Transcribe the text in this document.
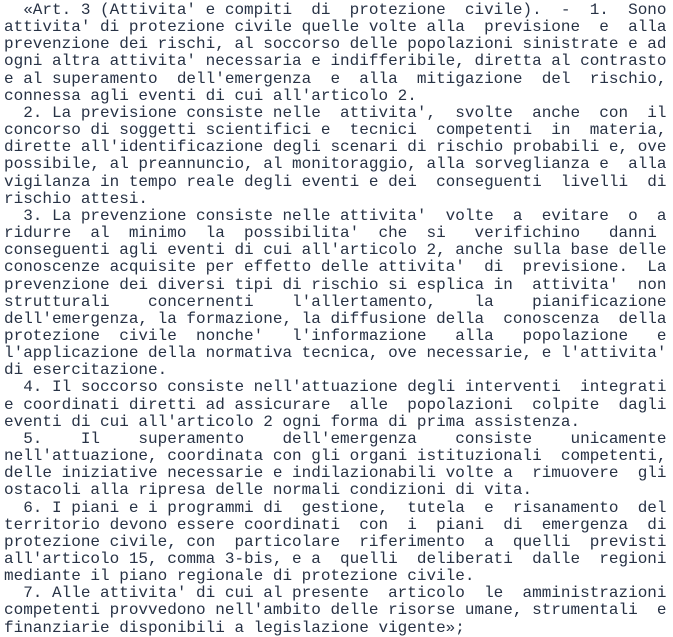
«Art. 3 (Attivita' e compiti  di  protezione  civile).  -  1.  Sono
attivita' di protezione civile quelle volte alla  previsione  e  alla
prevenzione dei rischi, al soccorso delle popolazioni sinistrate e ad
ogni altra attivita' necessaria e indifferibile, diretta al contrasto
e al superamento  dell'emergenza  e  alla  mitigazione  del  rischio,
connessa agli eventi di cui all'articolo 2.
2. La previsione consiste nelle  attivita',  svolte  anche  con  il
concorso di soggetti scientifici e  tecnici  competenti  in  materia,
dirette all'identificazione degli scenari di rischio probabili e, ove
possibile, al preannuncio, al monitoraggio, alla sorveglianza e  alla
vigilanza in tempo reale degli eventi e dei  conseguenti  livelli  di
rischio attesi.
3. La prevenzione consiste nelle attivita'  volte  a  evitare  o  a
ridurre  al  minimo  la  possibilita'  che  si   verifichino   danni
conseguenti agli eventi di cui all'articolo 2, anche sulla base delle
conoscenze acquisite per effetto delle attivita'  di  previsione.  La
prevenzione dei diversi tipi di rischio si esplica in  attivita'  non
strutturali    concernenti    l'allertamento,    la    pianificazione
dell'emergenza, la formazione, la diffusione della  conoscenza  della
protezione  civile  nonche'   l'informazione   alla   popolazione   e
l'applicazione della normativa tecnica, ove necessarie, e l'attivita'
di esercitazione.
4. Il soccorso consiste nell'attuazione degli interventi  integrati
e coordinati diretti ad assicurare  alle  popolazioni  colpite  dagli
eventi di cui all'articolo 2 ogni forma di prima assistenza.
5.    Il    superamento    dell'emergenza    consiste    unicamente
nell'attuazione, coordinata con gli organi istituzionali  competenti,
delle iniziative necessarie e indilazionabili volte a  rimuovere  gli
ostacoli alla ripresa delle normali condizioni di vita.
6. I piani e i programmi di  gestione,  tutela  e  risanamento  del
territorio devono essere coordinati  con  i  piani  di  emergenza  di
protezione civile, con  particolare  riferimento  a  quelli  previsti
all'articolo 15, comma 3-bis, e a  quelli  deliberati  dalle  regioni
mediante il piano regionale di protezione civile.
7. Alle attivita' di cui al presente  articolo  le  amministrazioni
competenti provvedono nell'ambito delle risorse umane, strumentali  e
finanziarie disponibili a legislazione vigente»;
